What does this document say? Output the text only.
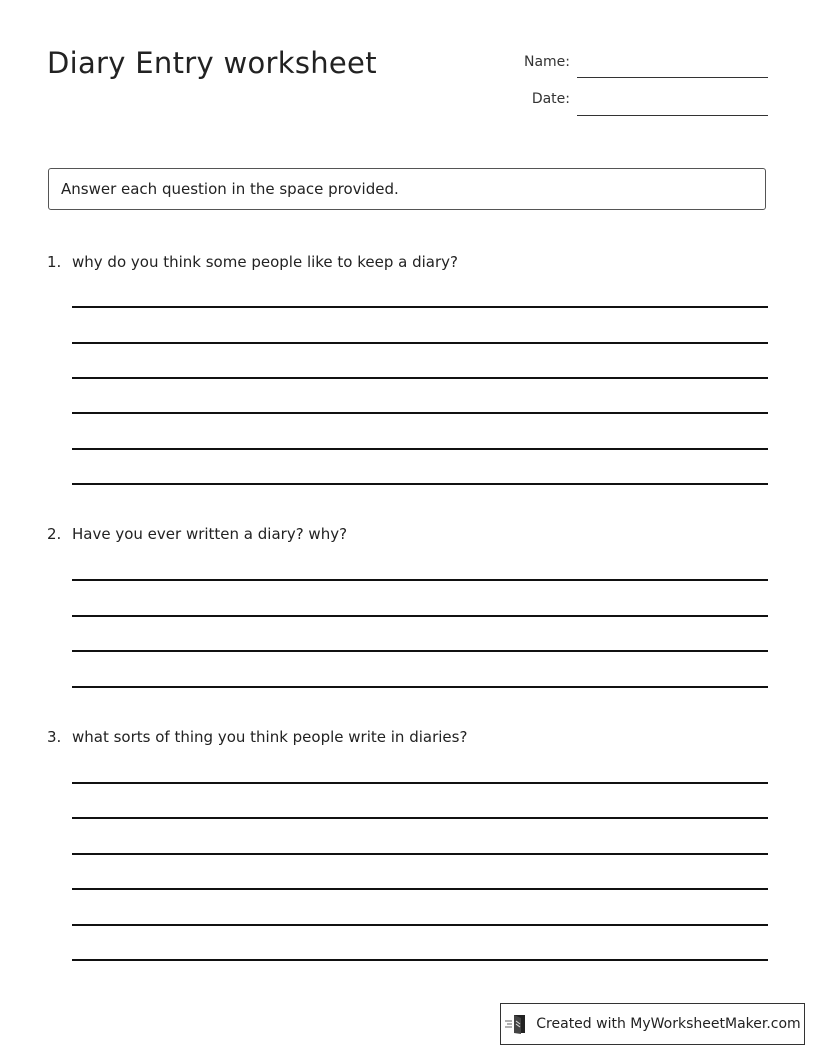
Diary Entry worksheet	Name:
Date:
Answer each question in the space provided.
1. why do you think some people like to keep a diary?
2. Have you ever written a diary? why?
3. what sorts of thing you think people write in diaries?
Created with MyWorksheetMaker.com
